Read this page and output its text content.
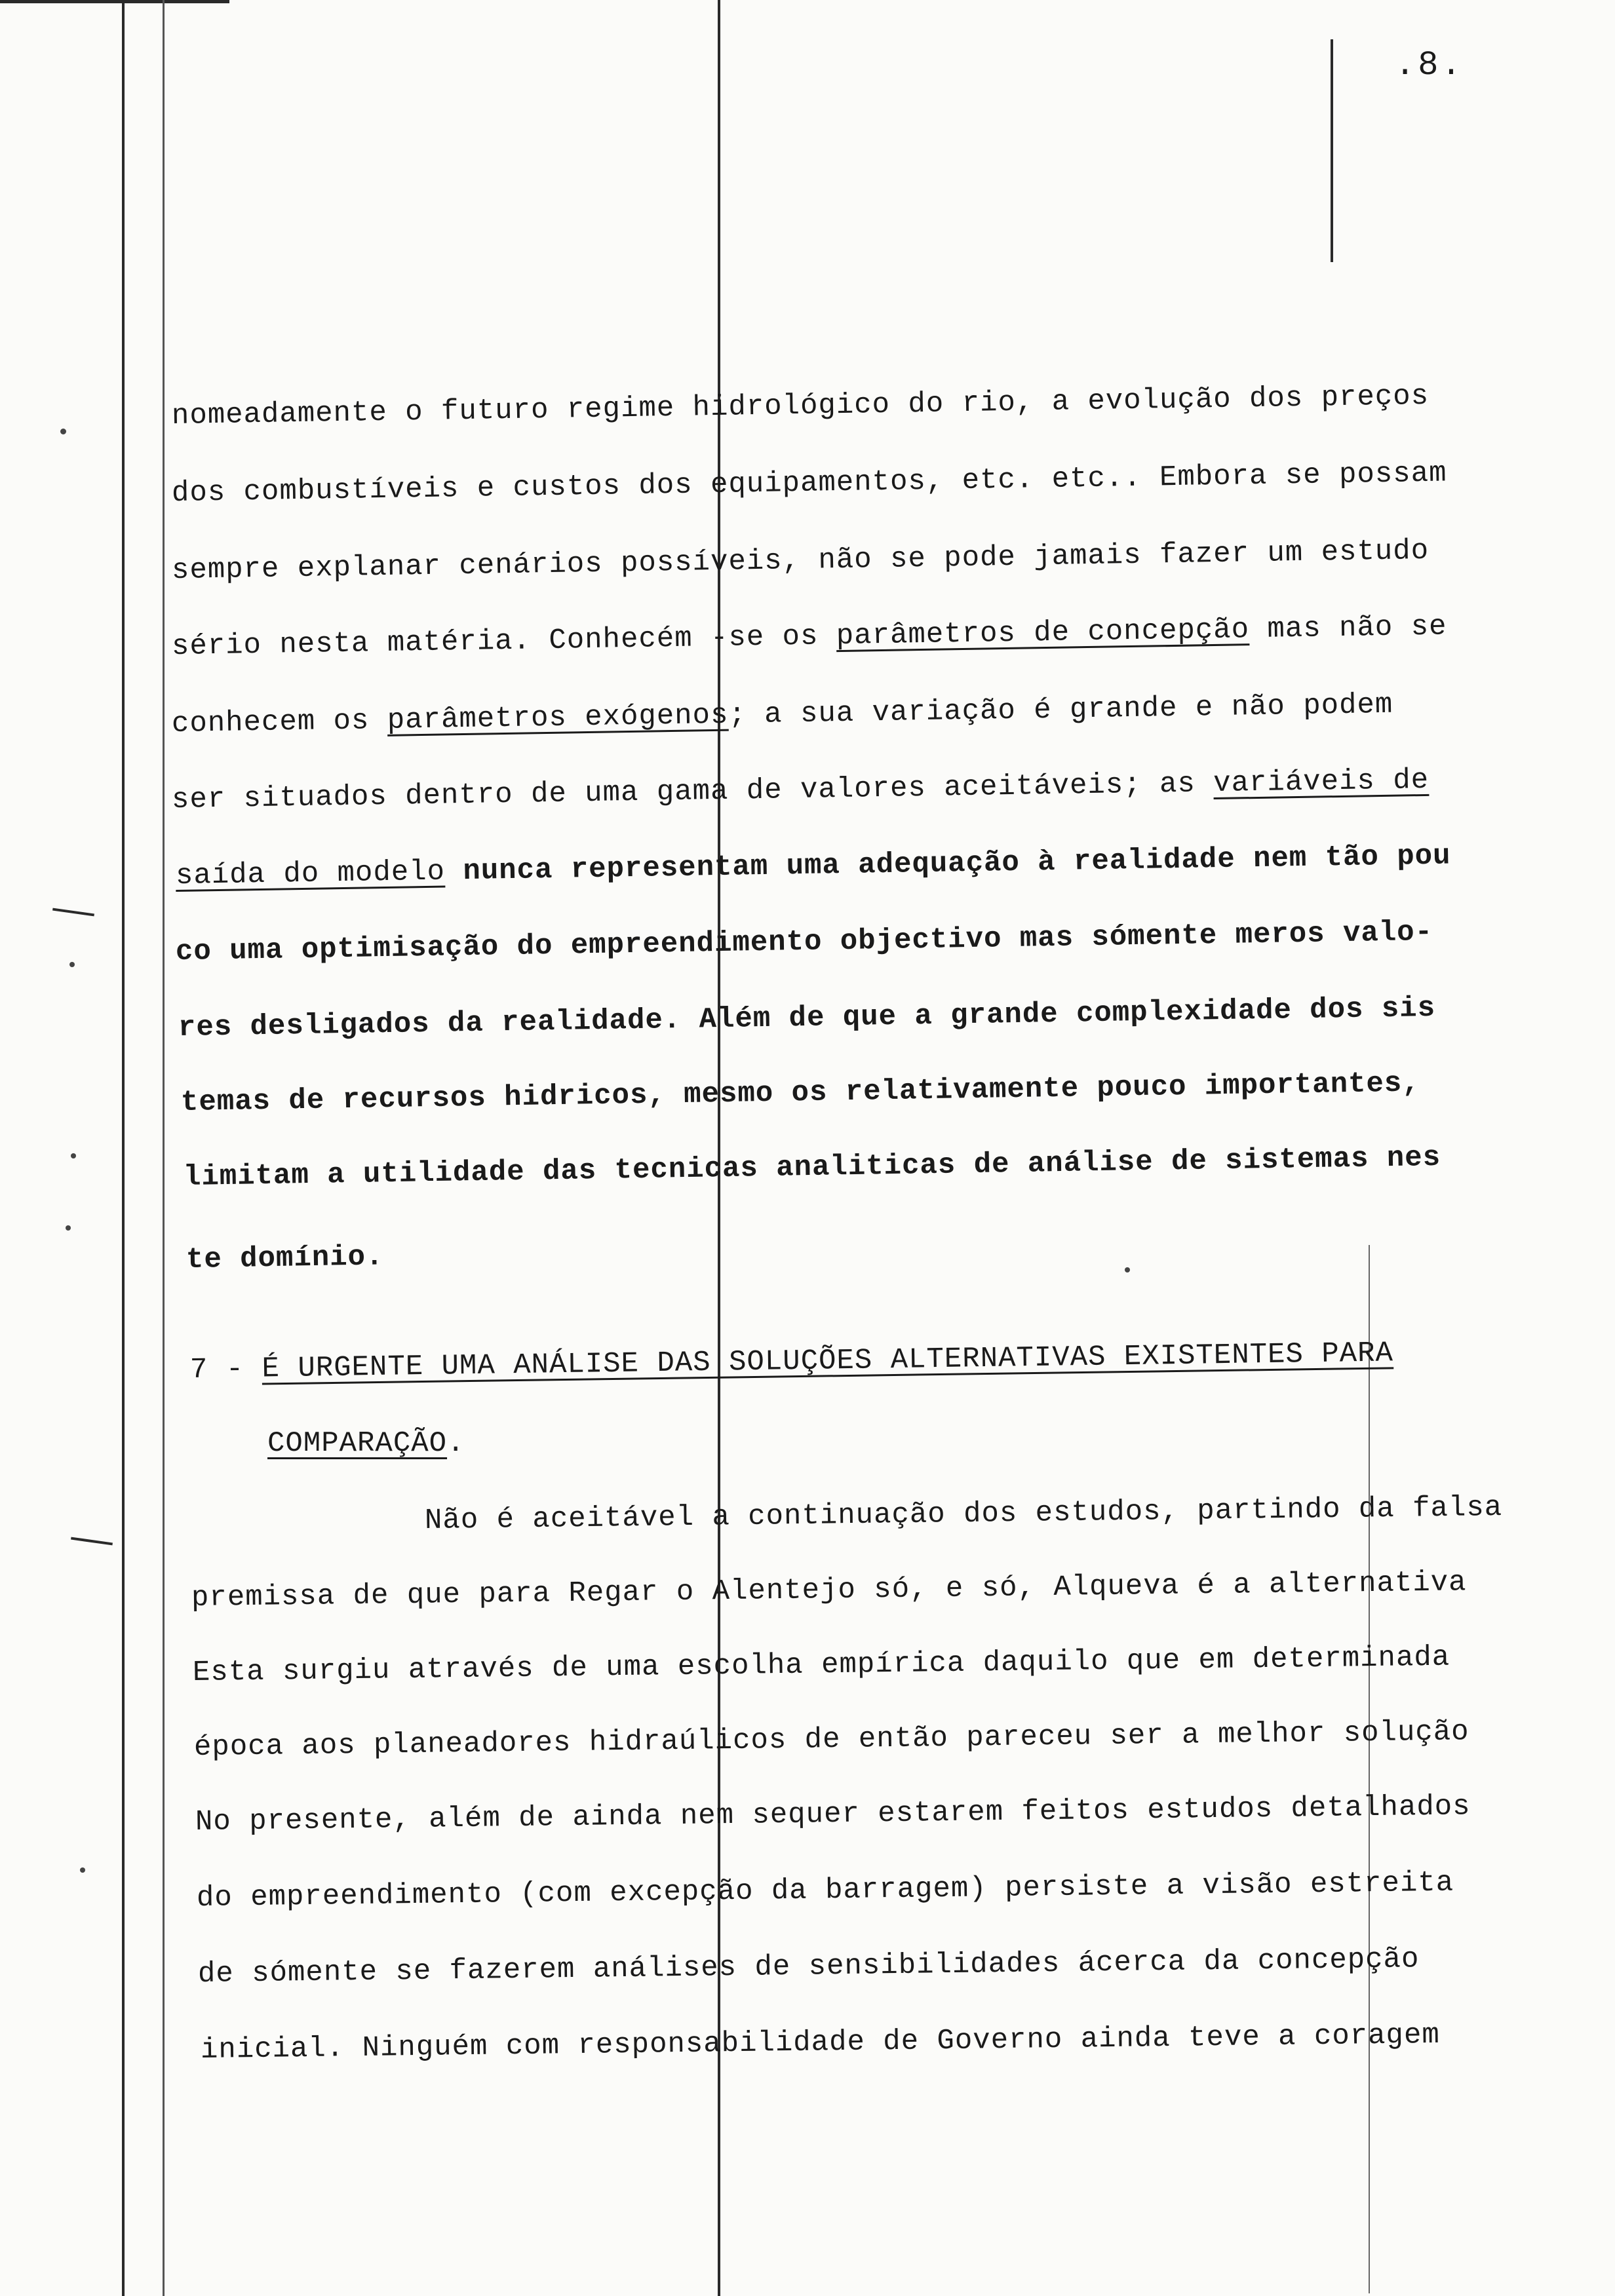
.8.
nomeadamente o futuro regime hidrológico do rio, a evolução dos preços
dos combustíveis e custos dos equipamentos, etc. etc.. Embora se possam
sempre explanar cenários possíveis, não se pode jamais fazer um estudo
sério nesta matéria. Conhecém -se os parâmetros de concepção mas não se
conhecem os parâmetros exógenos; a sua variação é grande e não podem
ser situados dentro de uma gama de valores aceitáveis; as variáveis de
saída do modelo nunca representam uma adequação à realidade nem tão pou
co uma optimisação do empreendimento objectivo mas sómente meros valo-
res desligados da realidade. Além de que a grande complexidade dos sis
temas de recursos hidricos, mesmo os relativamente pouco importantes,
limitam a utilidade das tecnicas analiticas de análise de sistemas nes
te domínio.
7 - É URGENTE UMA ANÁLISE DAS SOLUÇÕES ALTERNATIVAS EXISTENTES PARA
COMPARAÇÃO.
Não é aceitável a continuação dos estudos, partindo da falsa
premissa de que para Regar o Alentejo só, e só, Alqueva é a alternativa
Esta surgiu através de uma escolha empírica daquilo que em determinada
época aos planeadores hidraúlicos de então pareceu ser a melhor solução
No presente, além de ainda nem sequer estarem feitos estudos detalhados
do empreendimento (com excepção da barragem) persiste a visão estreita
de sómente se fazerem análises de sensibilidades ácerca da concepção
inicial. Ninguém com responsabilidade de Governo ainda teve a coragem
